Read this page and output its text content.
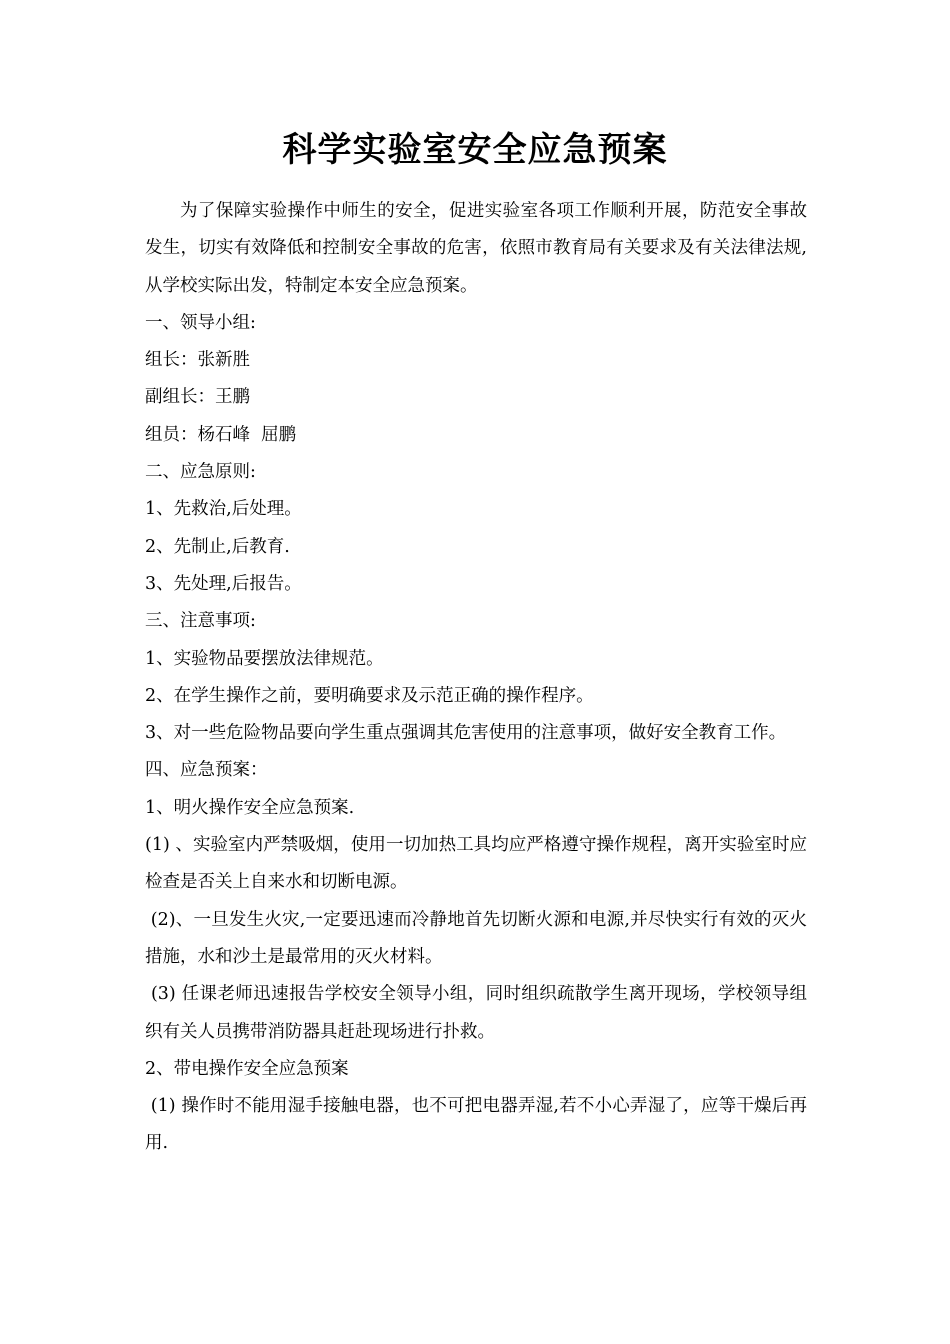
科学实验室安全应急预案

为了保障实验操作中师生的安全，促进实验室各项工作顺利开展，防范安全事故发生，切实有效降低和控制安全事故的危害，依照市教育局有关要求及有关法律法规,从学校实际出发，特制定本安全应急预案。

一、领导小组:

组长：张新胜

副组长：王鹏

组员：杨石峰  屈鹏

二、应急原则:

1、先救治,后处理。

2、先制止,后教育.

3、先处理,后报告。

三、注意事项:

1、实验物品要摆放法律规范。

2、在学生操作之前，要明确要求及示范正确的操作程序。

3、对一些危险物品要向学生重点强调其危害使用的注意事项，做好安全教育工作。

四、应急预案：

1、明火操作安全应急预案.

(1) 、实验室内严禁吸烟，使用一切加热工具均应严格遵守操作规程，离开实验室时应检查是否关上自来水和切断电源。

(2)、一旦发生火灾,一定要迅速而冷静地首先切断火源和电源,并尽快实行有效的灭火措施，水和沙土是最常用的灭火材料。

(3) 任课老师迅速报告学校安全领导小组，同时组织疏散学生离开现场，学校领导组织有关人员携带消防器具赶赴现场进行扑救。

2、带电操作安全应急预案

(1) 操作时不能用湿手接触电器，也不可把电器弄湿,若不小心弄湿了，应等干燥后再用.
